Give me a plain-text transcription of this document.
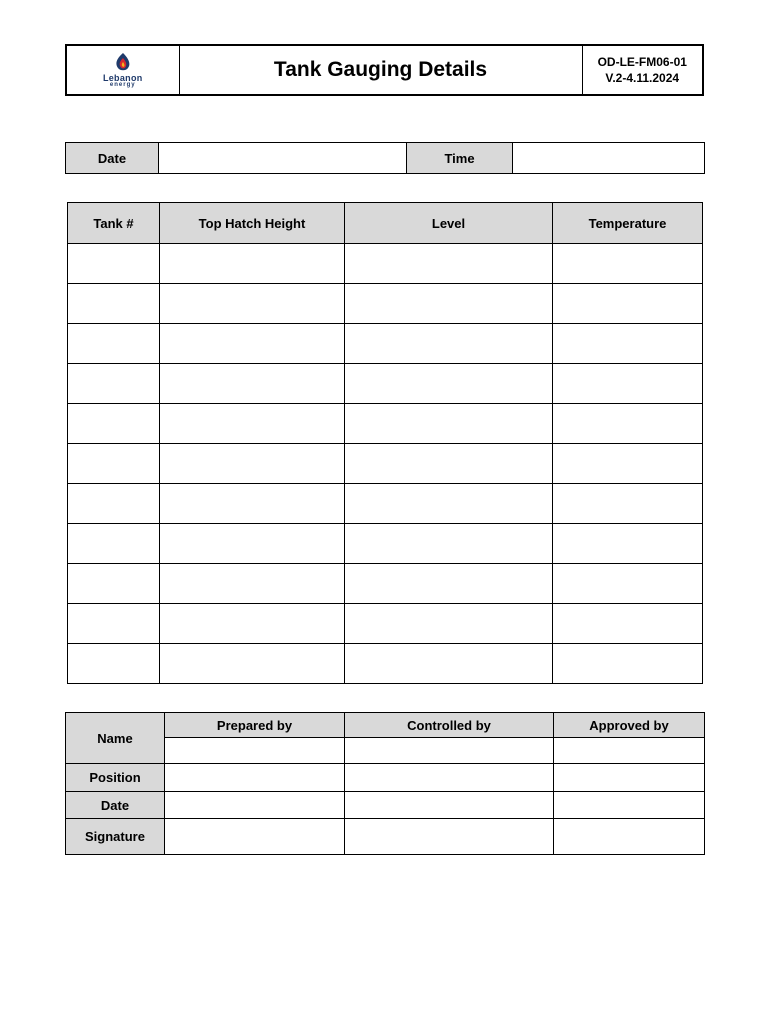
Lebanon
energy
	Tank Gauging Details	OD-LE-FM06-01
V.2-4.11.2024
Date		Time	
Tank #	Top Hatch Height	Level	Temperature

Name	Prepared by	Controlled by	Approved by

Position			
Date			
Signature			
